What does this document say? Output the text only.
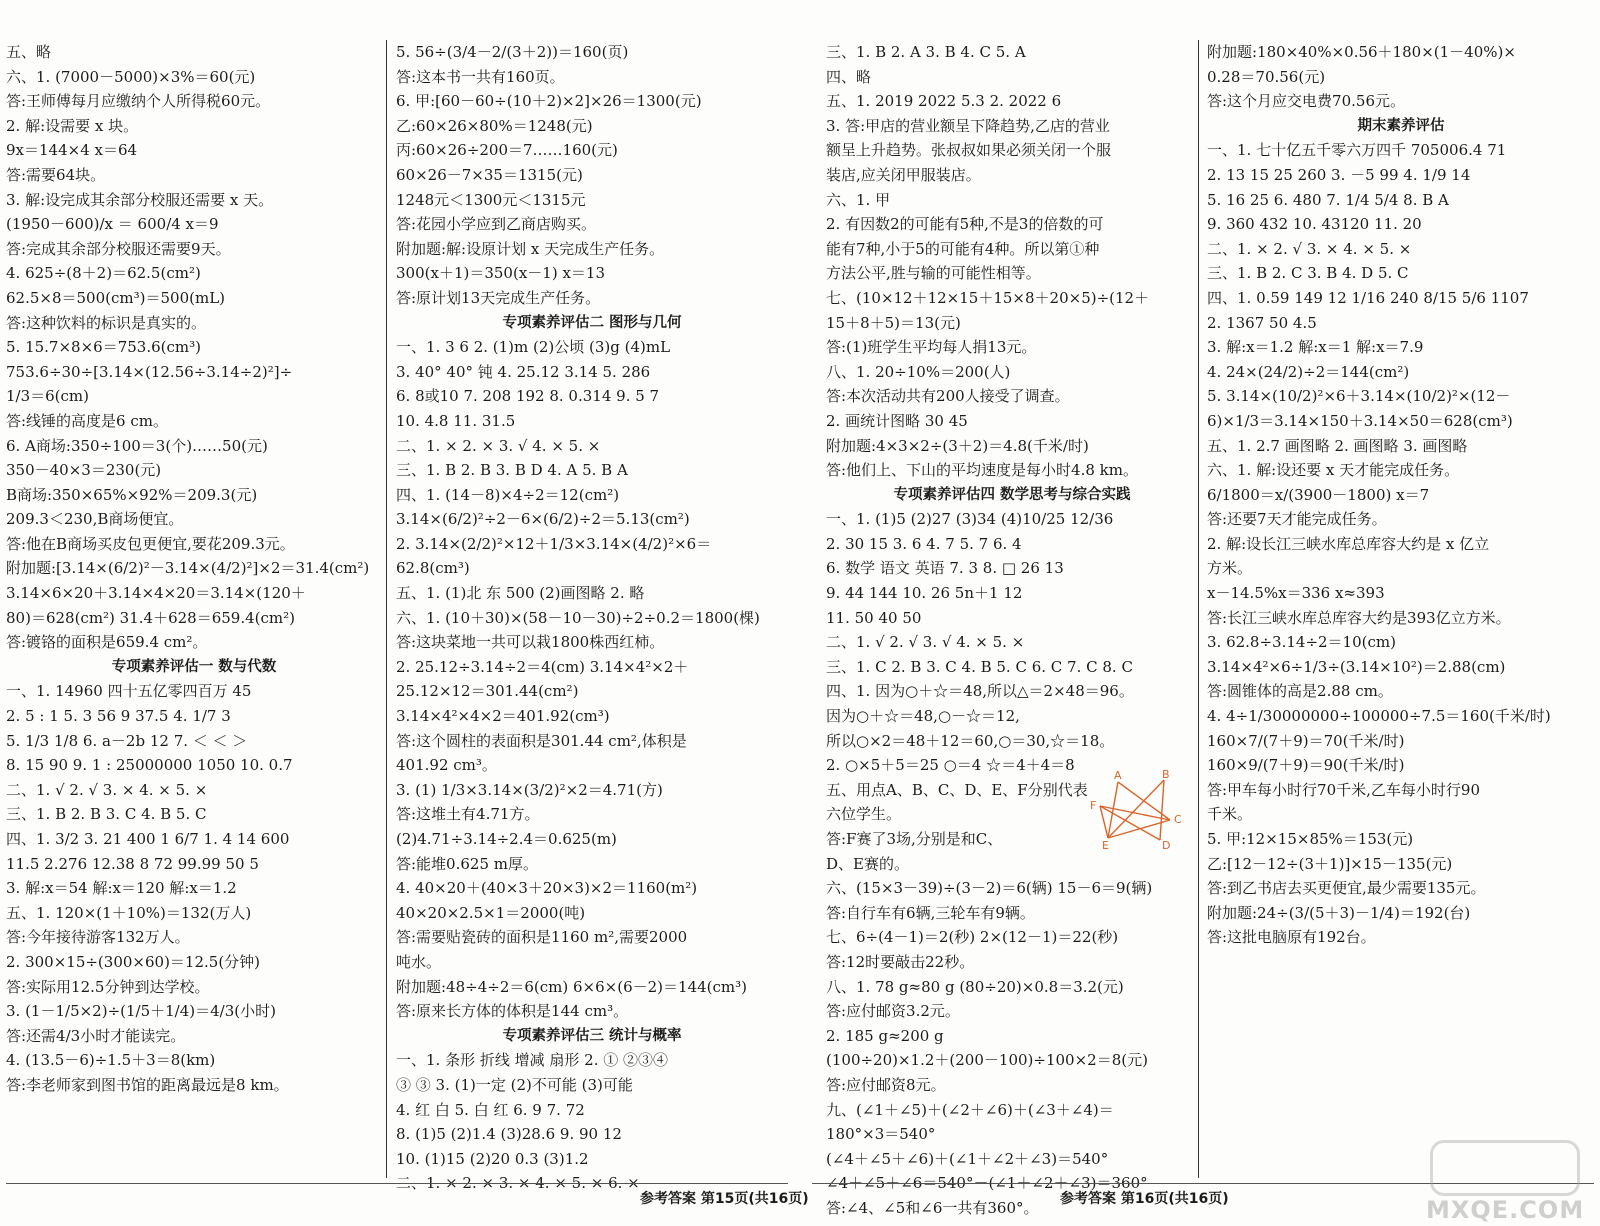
五、略
六、1. (7000－5000)×3%＝60(元)
答:王师傅每月应缴纳个人所得税60元。
2. 解:设需要 x 块。
9x＝144×4 x＝64
答:需要64块。
3. 解:设完成其余部分校服还需要 x 天。
(1950－600)/x ＝ 600/4 x＝9
答:完成其余部分校服还需要9天。
4. 625÷(8＋2)＝62.5(cm²)
62.5×8＝500(cm³)＝500(mL)
答:这种饮料的标识是真实的。
5. 15.7×8×6＝753.6(cm³)
753.6÷30÷[3.14×(12.56÷3.14÷2)²]÷
1/3＝6(cm)
答:线锤的高度是6 cm。
6. A商场:350÷100＝3(个)……50(元)
350－40×3＝230(元)
B商场:350×65%×92%＝209.3(元)
209.3＜230,B商场便宜。
答:他在B商场买皮包更便宜,要花209.3元。
附加题:[3.14×(6/2)²－3.14×(4/2)²]×2＝31.4(cm²)
3.14×6×20＋3.14×4×20＝3.14×(120＋
80)＝628(cm²) 31.4＋628＝659.4(cm²)
答:镀铬的面积是659.4 cm²。
专项素养评估一 数与代数
一、1. 14960 四十五亿零四百万 45
2. 5 : 1 5. 3 56 9 37.5 4. 1/7 3
5. 1/3 1/8 6. a－2b 12 7. ＜ ＜ ＞
8. 15 90 9. 1 : 25000000 1050 10. 0.7
二、1. √ 2. √ 3. × 4. × 5. ×
三、1. B 2. B 3. C 4. B 5. C
四、1. 3/2 3. 21 400 1 6/7 1. 4 14 600
11.5 2.276 12.38 8 72 99.99 50 5
3. 解:x＝54 解:x＝120 解:x＝1.2
五、1. 120×(1＋10%)＝132(万人)
答:今年接待游客132万人。
2. 300×15÷(300×60)＝12.5(分钟)
答:实际用12.5分钟到达学校。
3. (1－1/5×2)÷(1/5＋1/4)＝4/3(小时)
答:还需4/3小时才能读完。
4. (13.5－6)÷1.5＋3＝8(km)
答:李老师家到图书馆的距离最远是8 km。
5. 56÷(3/4－2/(3＋2))＝160(页)
答:这本书一共有160页。
6. 甲:[60－60÷(10＋2)×2]×26＝1300(元)
乙:60×26×80%＝1248(元)
丙:60×26÷200＝7……160(元)
60×26－7×35＝1315(元)
1248元＜1300元＜1315元
答:花园小学应到乙商店购买。
附加题:解:设原计划 x 天完成生产任务。
300(x＋1)＝350(x－1) x＝13
答:原计划13天完成生产任务。
专项素养评估二 图形与几何
一、1. 3 6 2. (1)m (2)公顷 (3)g (4)mL
3. 40° 40° 钝 4. 25.12 3.14 5. 286
6. 8或10 7. 208 192 8. 0.314 9. 5 7
10. 4.8 11. 31.5
二、1. × 2. × 3. √ 4. × 5. ×
三、1. B 2. B 3. B D 4. A 5. B A
四、1. (14－8)×4÷2＝12(cm²)
3.14×(6/2)²÷2－6×(6/2)÷2＝5.13(cm²)
2. 3.14×(2/2)²×12＋1/3×3.14×(4/2)²×6＝
62.8(cm³)
五、1. (1)北 东 500 (2)画图略 2. 略
六、1. (10＋30)×(58－10－30)÷2÷0.2＝1800(棵)
答:这块菜地一共可以栽1800株西红柿。
2. 25.12÷3.14÷2＝4(cm) 3.14×4²×2＋
25.12×12＝301.44(cm²)
3.14×4²×4×2＝401.92(cm³)
答:这个圆柱的表面积是301.44 cm²,体积是
401.92 cm³。
3. (1) 1/3×3.14×(3/2)²×2＝4.71(方)
答:这堆土有4.71方。
(2)4.71÷3.14÷2.4＝0.625(m)
答:能堆0.625 m厚。
4. 40×20＋(40×3＋20×3)×2＝1160(m²)
40×20×2.5×1＝2000(吨)
答:需要贴瓷砖的面积是1160 m²,需要2000
吨水。
附加题:48÷4÷2＝6(cm) 6×6×(6－2)＝144(cm³)
答:原来长方体的体积是144 cm³。
专项素养评估三 统计与概率
一、1. 条形 折线 增减 扇形 2. ① ②③④
③ ③ 3. (1)一定 (2)不可能 (3)可能
4. 红 白 5. 白 红 6. 9 7. 72
8. (1)5 (2)1.4 (3)28.6 9. 90 12
10. (1)15 (2)20 0.3 (3)1.2
二、1. × 2. × 3. × 4. × 5. × 6. ×
三、1. B 2. A 3. B 4. C 5. A
四、略
五、1. 2019 2022 5.3 2. 2022 6
3. 答:甲店的营业额呈下降趋势,乙店的营业
额呈上升趋势。张叔叔如果必须关闭一个服
装店,应关闭甲服装店。
六、1. 甲
2. 有因数2的可能有5种,不是3的倍数的可
能有7种,小于5的可能有4种。所以第①种
方法公平,胜与输的可能性相等。
七、(10×12＋12×15＋15×8＋20×5)÷(12＋
15＋8＋5)＝13(元)
答:(1)班学生平均每人捐13元。
八、1. 20÷10%＝200(人)
答:本次活动共有200人接受了调查。
2. 画统计图略 30 45
附加题:4×3×2÷(3＋2)＝4.8(千米/时)
答:他们上、下山的平均速度是每小时4.8 km。
专项素养评估四 数学思考与综合实践
一、1. (1)5 (2)27 (3)34 (4)10/25 12/36
2. 30 15 3. 6 4. 7 5. 7 6. 4
6. 数学 语文 英语 7. 3 8. □ 26 13
9. 44 144 10. 26 5n＋1 12
11. 50 40 50
二、1. √ 2. √ 3. √ 4. × 5. ×
三、1. C 2. B 3. C 4. B 5. C 6. C 7. C 8. C
四、1. 因为○＋☆＝48,所以△＝2×48＝96。
因为○＋☆＝48,○－☆＝12,
所以○×2＝48＋12＝60,○＝30,☆＝18。
2. ○×5＋5＝25 ○＝4 ☆＝4＋4＝8
五、用点A、B、C、D、E、F分别代表
六位学生。
答:F赛了3场,分别是和C、
D、E赛的。
六、(15×3－39)÷(3－2)＝6(辆) 15－6＝9(辆)
答:自行车有6辆,三轮车有9辆。
七、6÷(4－1)＝2(秒) 2×(12－1)＝22(秒)
答:12时要敲击22秒。
八、1. 78 g≈80 g (80÷20)×0.8＝3.2(元)
答:应付邮资3.2元。
2. 185 g≈200 g
(100÷20)×1.2＋(200－100)÷100×2＝8(元)
答:应付邮资8元。
九、(∠1＋∠5)＋(∠2＋∠6)＋(∠3＋∠4)＝
180°×3＝540°
(∠4＋∠5＋∠6)＋(∠1＋∠2＋∠3)＝540°
∠4＋∠5＋∠6＝540°－(∠1＋∠2＋∠3)＝360°
答:∠4、∠5和∠6一共有360°。
附加题:180×40%×0.56＋180×(1－40%)×
0.28＝70.56(元)
答:这个月应交电费70.56元。
期末素养评估
一、1. 七十亿五千零六万四千 705006.4 71
2. 13 15 25 260 3. －5 99 4. 1/9 14
5. 16 25 6. 480 7. 1/4 5/4 8. B A
9. 360 432 10. 43120 11. 20
二、1. × 2. √ 3. × 4. × 5. ×
三、1. B 2. C 3. B 4. D 5. C
四、1. 0.59 149 12 1/16 240 8/15 5/6 1107
2. 1367 50 4.5
3. 解:x＝1.2 解:x＝1 解:x＝7.9
4. 24×(24/2)÷2＝144(cm²)
5. 3.14×(10/2)²×6＋3.14×(10/2)²×(12－
6)×1/3＝3.14×150＋3.14×50＝628(cm³)
五、1. 2.7 画图略 2. 画图略 3. 画图略
六、1. 解:设还要 x 天才能完成任务。
6/1800＝x/(3900－1800) x＝7
答:还要7天才能完成任务。
2. 解:设长江三峡水库总库容大约是 x 亿立
方米。
x－14.5%x＝336 x≈393
答:长江三峡水库总库容大约是393亿立方米。
3. 62.8÷3.14÷2＝10(cm)
3.14×4²×6÷1/3÷(3.14×10²)＝2.88(cm)
答:圆锥体的高是2.88 cm。
4. 4÷1/30000000÷100000÷7.5＝160(千米/时)
160×7/(7＋9)＝70(千米/时)
160×9/(7＋9)＝90(千米/时)
答:甲车每小时行70千米,乙车每小时行90
千米。
5. 甲:12×15×85%＝153(元)
乙:[12－12÷(3＋1)]×15－135(元)
答:到乙书店去买更便宜,最少需要135元。
附加题:24÷(3/(5＋3)－1/4)＝192(台)
答:这批电脑原有192台。
参考答案 第15页(共16页)	参考答案 第16页(共16页)
A	B
C
D
E
F
MXQE.COM
